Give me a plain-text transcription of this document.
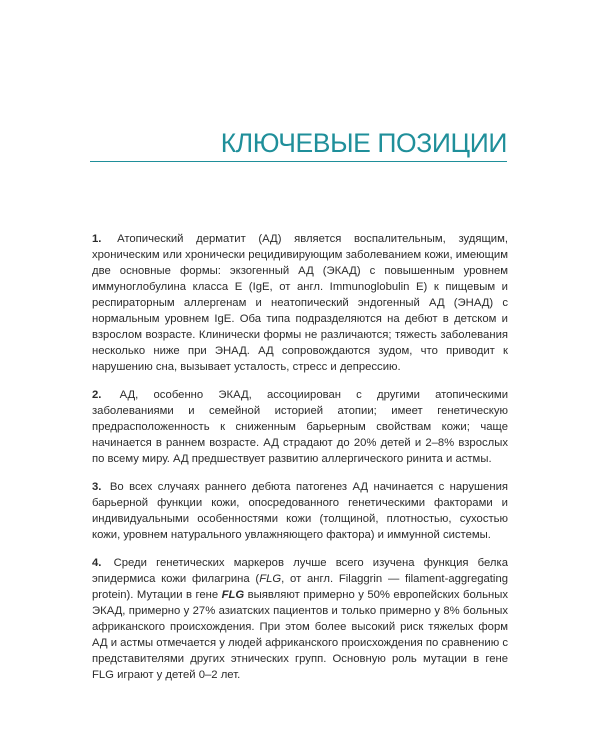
КЛЮЧЕВЫЕ ПОЗИЦИИ

1. Атопический дерматит (АД) является воспалительным, зудящим, хроническим или хронически рецидивирующим заболеванием кожи, имеющим две основные формы: экзогенный АД (ЭКАД) с повышенным уровнем иммуноглобулина класса Е (IgE, от англ. Immunoglobulin E) к пищевым и респираторным аллергенам и неатопический эндогенный АД (ЭНАД) с нормальным уровнем IgE. Оба типа подразделяются на дебют в детском и взрослом возрасте. Клинически формы не различаются; тяжесть заболевания несколько ниже при ЭНАД. АД сопровождаются зудом, что приводит к нарушению сна, вызывает усталость, стресс и депрессию.

2. АД, особенно ЭКАД, ассоциирован с другими атопическими заболеваниями и семейной историей атопии; имеет генетическую предрасположенность к сниженным барьерным свойствам кожи; чаще начинается в раннем возрасте. АД страдают до 20% детей и 2–8% взрослых по всему миру. АД предшествует развитию аллергического ринита и астмы.

3. Во всех случаях раннего дебюта патогенез АД начинается с нарушения барьерной функции кожи, опосредованного генетическими факторами и индивидуальными особенностями кожи (толщиной, плотностью, сухостью кожи, уровнем натурального увлажняющего фактора) и иммунной системы.

4. Среди генетических маркеров лучше всего изучена функция белка эпидермиса кожи филагрина (FLG, от англ. Filaggrin — filament-aggregating protein). Мутации в гене FLG выявляют примерно у 50% европейских больных ЭКАД, примерно у 27% азиатских пациентов и только примерно у 8% больных африканского происхождения. При этом более высокий риск тяжелых форм АД и астмы отмечается у людей африканского происхождения по сравнению с представителями других этнических групп. Основную роль мутации в гене FLG играют у детей 0–2 лет.
